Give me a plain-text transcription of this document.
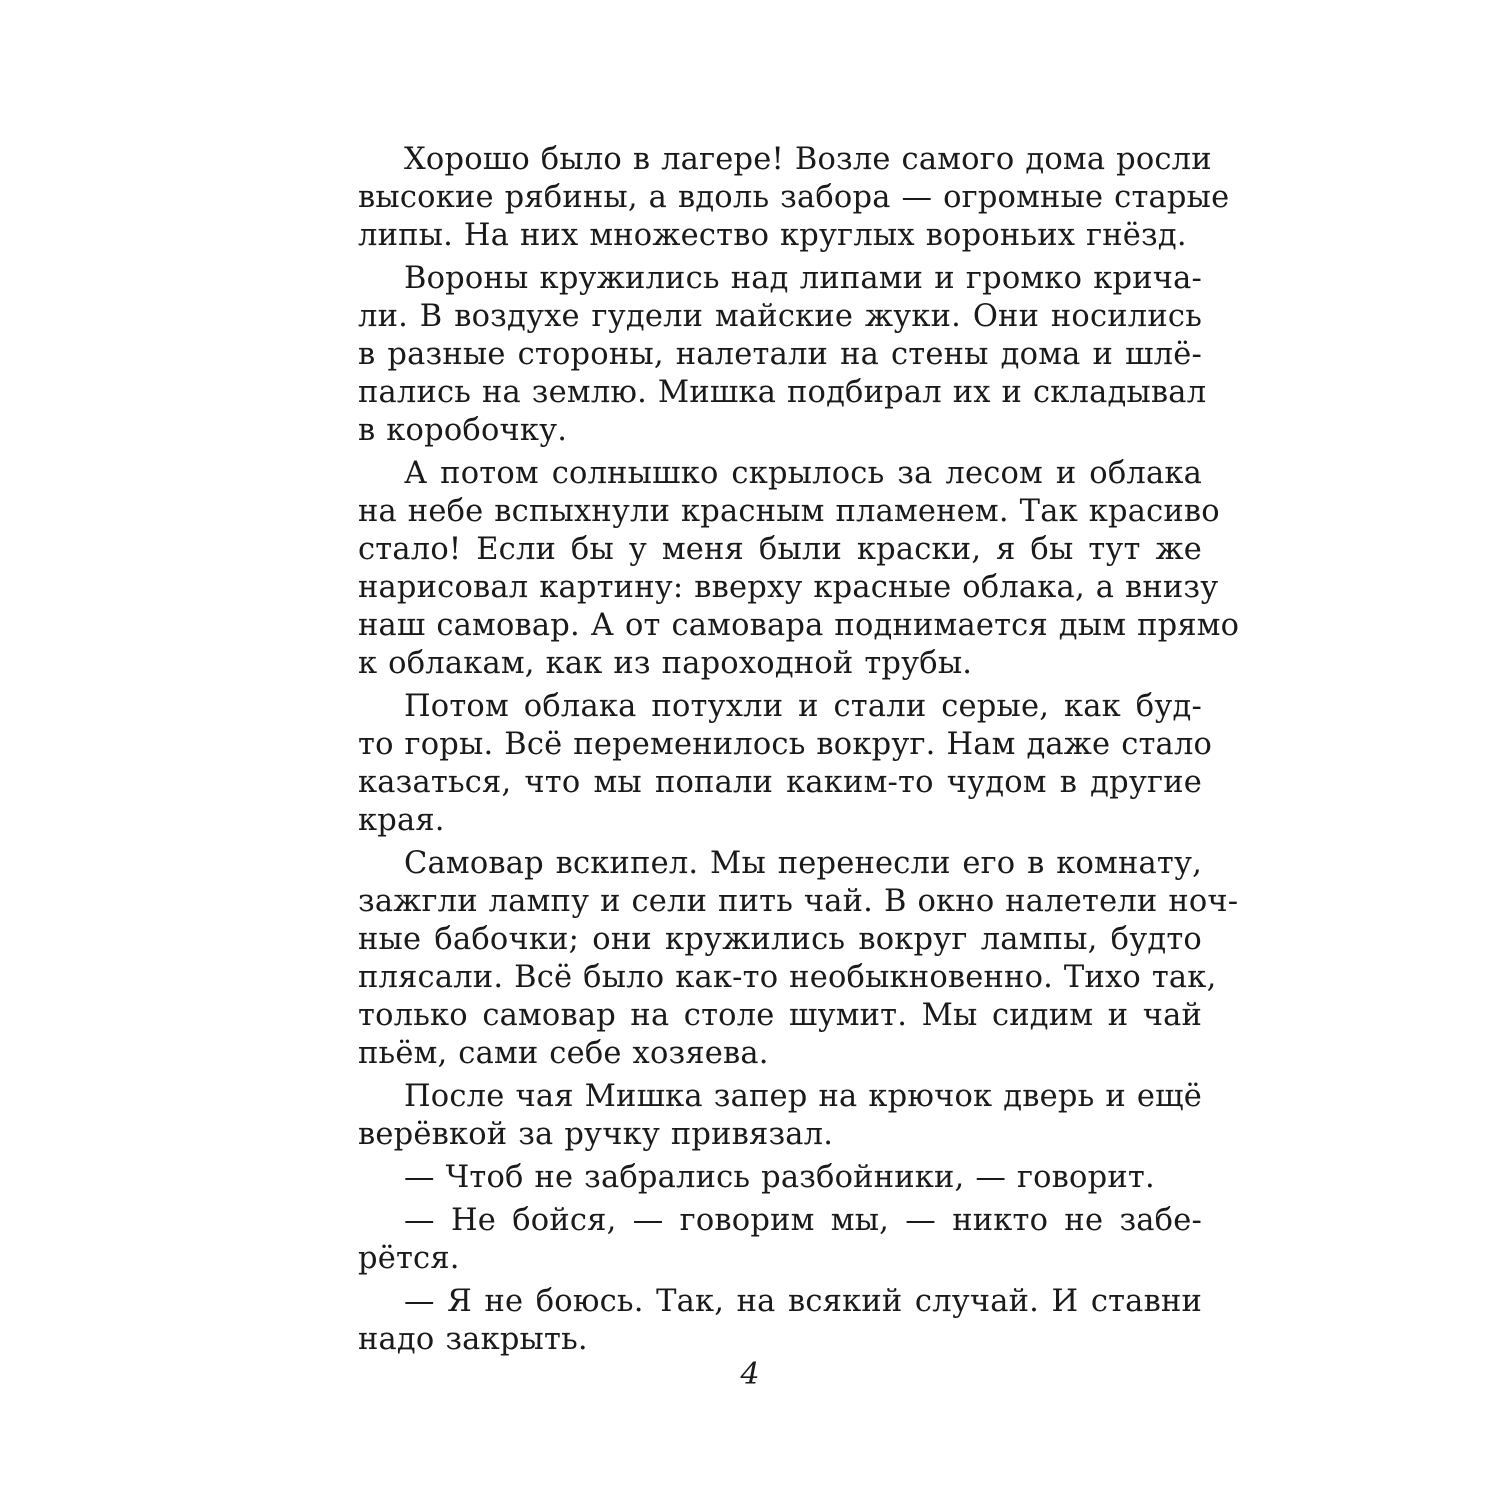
Хорошо было в лагере! Возле самого дома росли
высокие рябины, а вдоль забора — огромные старые
липы. На них множество круглых вороньих гнёзд.

Вороны кружились над липами и громко крича-
ли. В воздухе гудели майские жуки. Они носились
в разные стороны, налетали на стены дома и шлё-
пались на землю. Мишка подбирал их и складывал
в коробочку.

А потом солнышко скрылось за лесом и облака
на небе вспыхнули красным пламенем. Так красиво
стало! Если бы у меня были краски, я бы тут же
нарисовал картину: вверху красные облака, а внизу
наш самовар. А от самовара поднимается дым прямо
к облакам, как из пароходной трубы.

Потом облака потухли и стали серые, как буд-
то горы. Всё переменилось вокруг. Нам даже стало
казаться, что мы попали каким-то чудом в другие
края.

Самовар вскипел. Мы перенесли его в комнату,
зажгли лампу и сели пить чай. В окно налетели ноч-
ные бабочки; они кружились вокруг лампы, будто
плясали. Всё было как-то необыкновенно. Тихо так,
только самовар на столе шумит. Мы сидим и чай
пьём, сами себе хозяева.

После чая Мишка запер на крючок дверь и ещё
верёвкой за ручку привязал.

— Чтоб не забрались разбойники, — говорит.

— Не бойся, — говорим мы, — никто не забе-
рётся.

— Я не боюсь. Так, на всякий случай. И ставни
надо закрыть.

4
